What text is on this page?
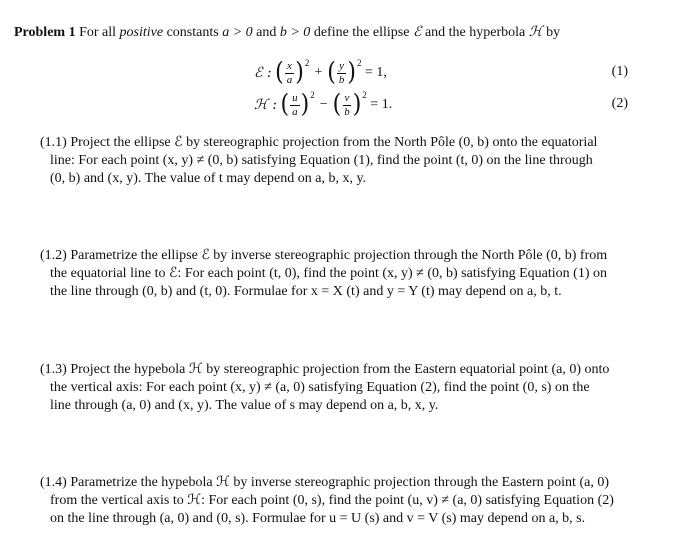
Problem 1 For all positive constants a > 0 and b > 0 define the ellipse ℰ and the hyperbola ℋ by
ℰ :
( $\frac{x}{a}$ ) 2
+ ( $\frac{y}{b}$ ) 2

= 1,	(1)
ℋ :
( $\frac{u}{a}$ ) 2
− ( $\frac{v}{b}$ ) 2

= 1.	(2)

(1.1) Project the ellipse ℰ by stereographic projection from the North Pôle (0, b) onto the equatorial

line: For each point (x, y) ≠ (0, b) satisfying Equation (1), find the point (t, 0) on the line through

(0, b) and (x, y). The value of t may depend on a, b, x, y.

(1.2) Parametrize the ellipse ℰ by inverse stereographic projection through the North Pôle (0, b) from

the equatorial line to ℰ: For each point (t, 0), find the point (x, y) ≠ (0, b) satisfying Equation (1) on

the line through (0, b) and (t, 0). Formulae for x = X (t) and y = Y (t) may depend on a, b, t.

(1.3) Project the hypebola ℋ by stereographic projection from the Eastern equatorial point (a, 0) onto

the vertical axis: For each point (x, y) ≠ (a, 0) satisfying Equation (2), find the point (0, s) on the

line through (a, 0) and (x, y). The value of s may depend on a, b, x, y.

(1.4) Parametrize the hypebola ℋ by inverse stereographic projection through the Eastern point (a, 0)

from the vertical axis to ℋ: For each point (0, s), find the point (u, v) ≠ (a, 0) satisfying Equation (2)

on the line through (a, 0) and (0, s). Formulae for u = U (s) and v = V (s) may depend on a, b, s.
